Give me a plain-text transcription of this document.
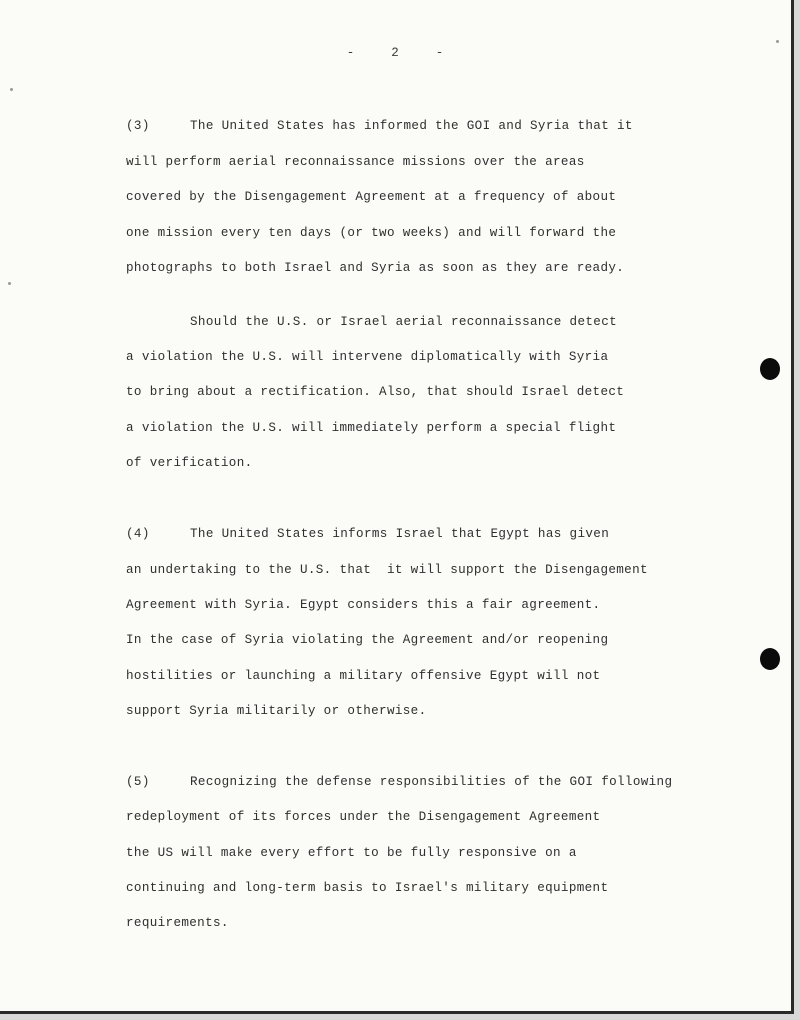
-	2	-
(3)	The United States has informed the GOI and Syria that it
will perform aerial reconnaissance missions over the areas
covered by the Disengagement Agreement at a frequency of about
one mission every ten days (or two weeks) and will forward the
photographs to both Israel and Syria as soon as they are ready.
Should the U.S. or Israel aerial reconnaissance detect
a violation the U.S. will intervene diplomatically with Syria
to bring about a rectification. Also, that should Israel detect
a violation the U.S. will immediately perform a special flight
of verification.
(4)	The United States informs Israel that Egypt has given
an undertaking to the U.S. that  it will support the Disengagement
Agreement with Syria. Egypt considers this a fair agreement.
In the case of Syria violating the Agreement and/or reopening
hostilities or launching a military offensive Egypt will not
support Syria militarily or otherwise.
(5)	Recognizing the defense responsibilities of the GOI following
redeployment of its forces under the Disengagement Agreement
the US will make every effort to be fully responsive on a
continuing and long-term basis to Israel's military equipment
requirements.
